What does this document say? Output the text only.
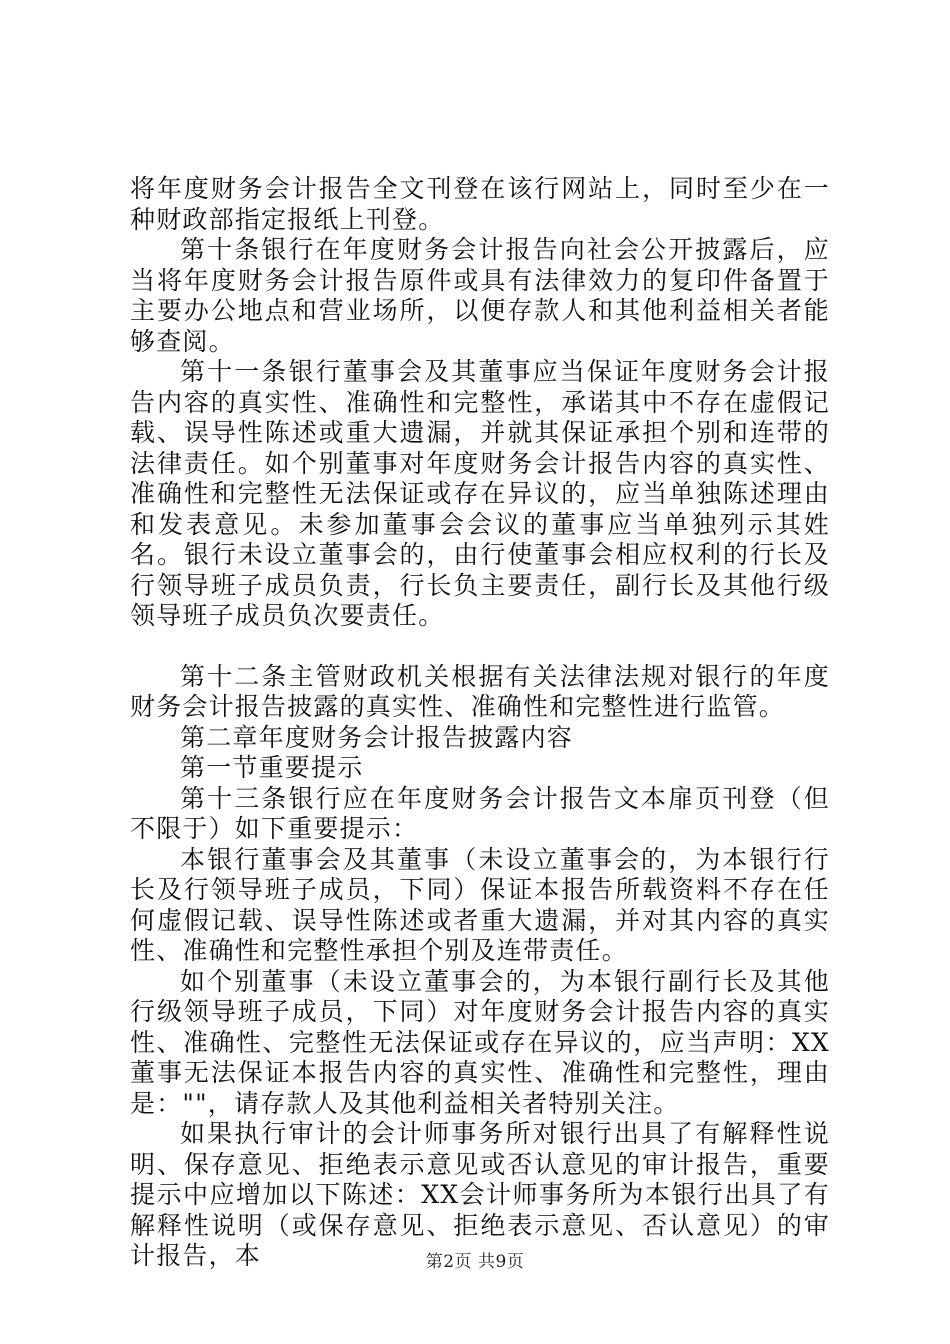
将年度财务会计报告全文刊登在该行网站上，同时至少在一种财政部指定报纸上刊登。

第十条银行在年度财务会计报告向社会公开披露后，应当将年度财务会计报告原件或具有法律效力的复印件备置于主要办公地点和营业场所，以便存款人和其他利益相关者能够查阅。

第十一条银行董事会及其董事应当保证年度财务会计报告内容的真实性、准确性和完整性，承诺其中不存在虚假记载、误导性陈述或重大遗漏，并就其保证承担个别和连带的法律责任。如个别董事对年度财务会计报告内容的真实性、准确性和完整性无法保证或存在异议的，应当单独陈述理由和发表意见。未参加董事会会议的董事应当单独列示其姓名。银行未设立董事会的，由行使董事会相应权利的行长及行领导班子成员负责，行长负主要责任，副行长及其他行级领导班子成员负次要责任。

第十二条主管财政机关根据有关法律法规对银行的年度财务会计报告披露的真实性、准确性和完整性进行监管。

第二章年度财务会计报告披露内容

第一节重要提示

第十三条银行应在年度财务会计报告文本扉页刊登（但不限于）如下重要提示：

本银行董事会及其董事（未设立董事会的，为本银行行长及行领导班子成员，下同）保证本报告所载资料不存在任何虚假记载、误导性陈述或者重大遗漏，并对其内容的真实性、准确性和完整性承担个别及连带责任。

如个别董事（未设立董事会的，为本银行副行长及其他行级领导班子成员，下同）对年度财务会计报告内容的真实性、准确性、完整性无法保证或存在异议的，应当声明：XX董事无法保证本报告内容的真实性、准确性和完整性，理由是：""，请存款人及其他利益相关者特别关注。

如果执行审计的会计师事务所对银行出具了有解释性说明、保存意见、拒绝表示意见或否认意见的审计报告，重要提示中应增加以下陈述：XX会计师事务所为本银行出具了有解释性说明（或保存意见、拒绝表示意见、否认意见）的审计报告，本	第2页 共9页
